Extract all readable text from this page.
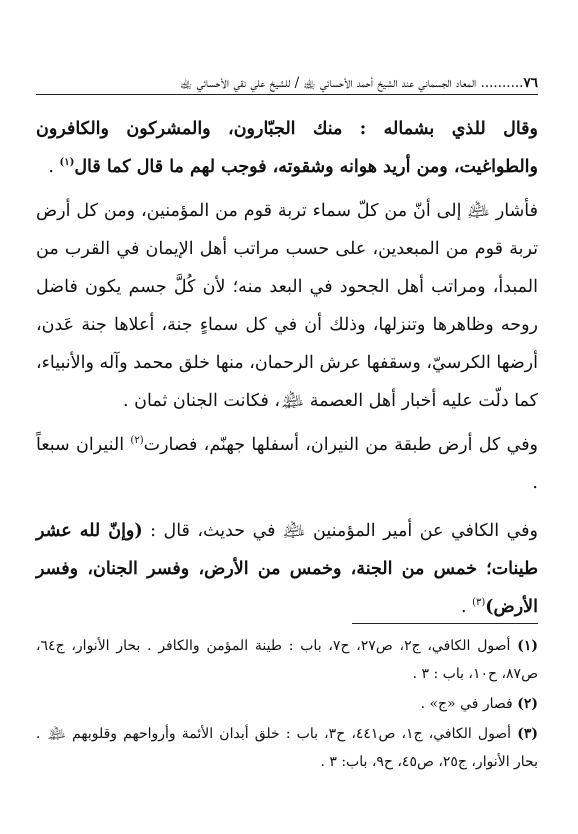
٧٦.......... المعاد الجسماني عند الشيخ أحمد الأحسائي ﵀ / للشيخ علي نقي الأحسائي ﵀

وقال للذي بشماله : منك الجبّارون، والمشركون والكافرون والطواغيت، ومن أريد هوانه وشقوته، فوجب لهم ما قال كما قال$^{(١)}$ .

فأشار ﵇ إلى أنّ من كلّ سماء تربة قوم من المؤمنين، ومن كل أرض تربة قوم من المبعدين، على حسب مراتب أهل الإيمان في القرب من المبدأ، ومراتب أهل الجحود في البعد منه؛ لأن كُلَّ جسم يكون فاضل روحه وظاهرها وتنزلها، وذلك أن في كل سماءٍ جنة، أعلاها جنة عَدن، أرضها الكرسيّ، وسقفها عرش الرحمان، منها خلق محمد وآله والأنبياء، كما دلّت عليه أخبار أهل العصمة ﵈، فكانت الجنان ثمان .

وفي كل أرض طبقة من النيران، أسفلها جهنّم، فصارت$^{(٢)}$ النيران سبعاً .

وفي الكافي عن أمير المؤمنين ﵇ في حديث، قال : (وإنّ لله عشر طينات؛ خمس من الجنة، وخمس من الأرض، وفسر الجنان، وفسر الأرض)$^{(٣)}$ .

(١) أصول الكافي، ج٢، ص٢٧، ح٧، باب : طينة المؤمن والكافر . بحار الأنوار، ج٦٤، ص٨٧، ح١٠، باب : ٣ .

(٢) فصار في «ج» .

(٣) أصول الكافي، ج١، ص٤٤١، ح٣، باب : خلق أبدان الأئمة وأرواحهم وقلوبهم ﵈ . بحار الأنوار، ج٢٥، ص٤٥، ح٩، باب: ٣ .
